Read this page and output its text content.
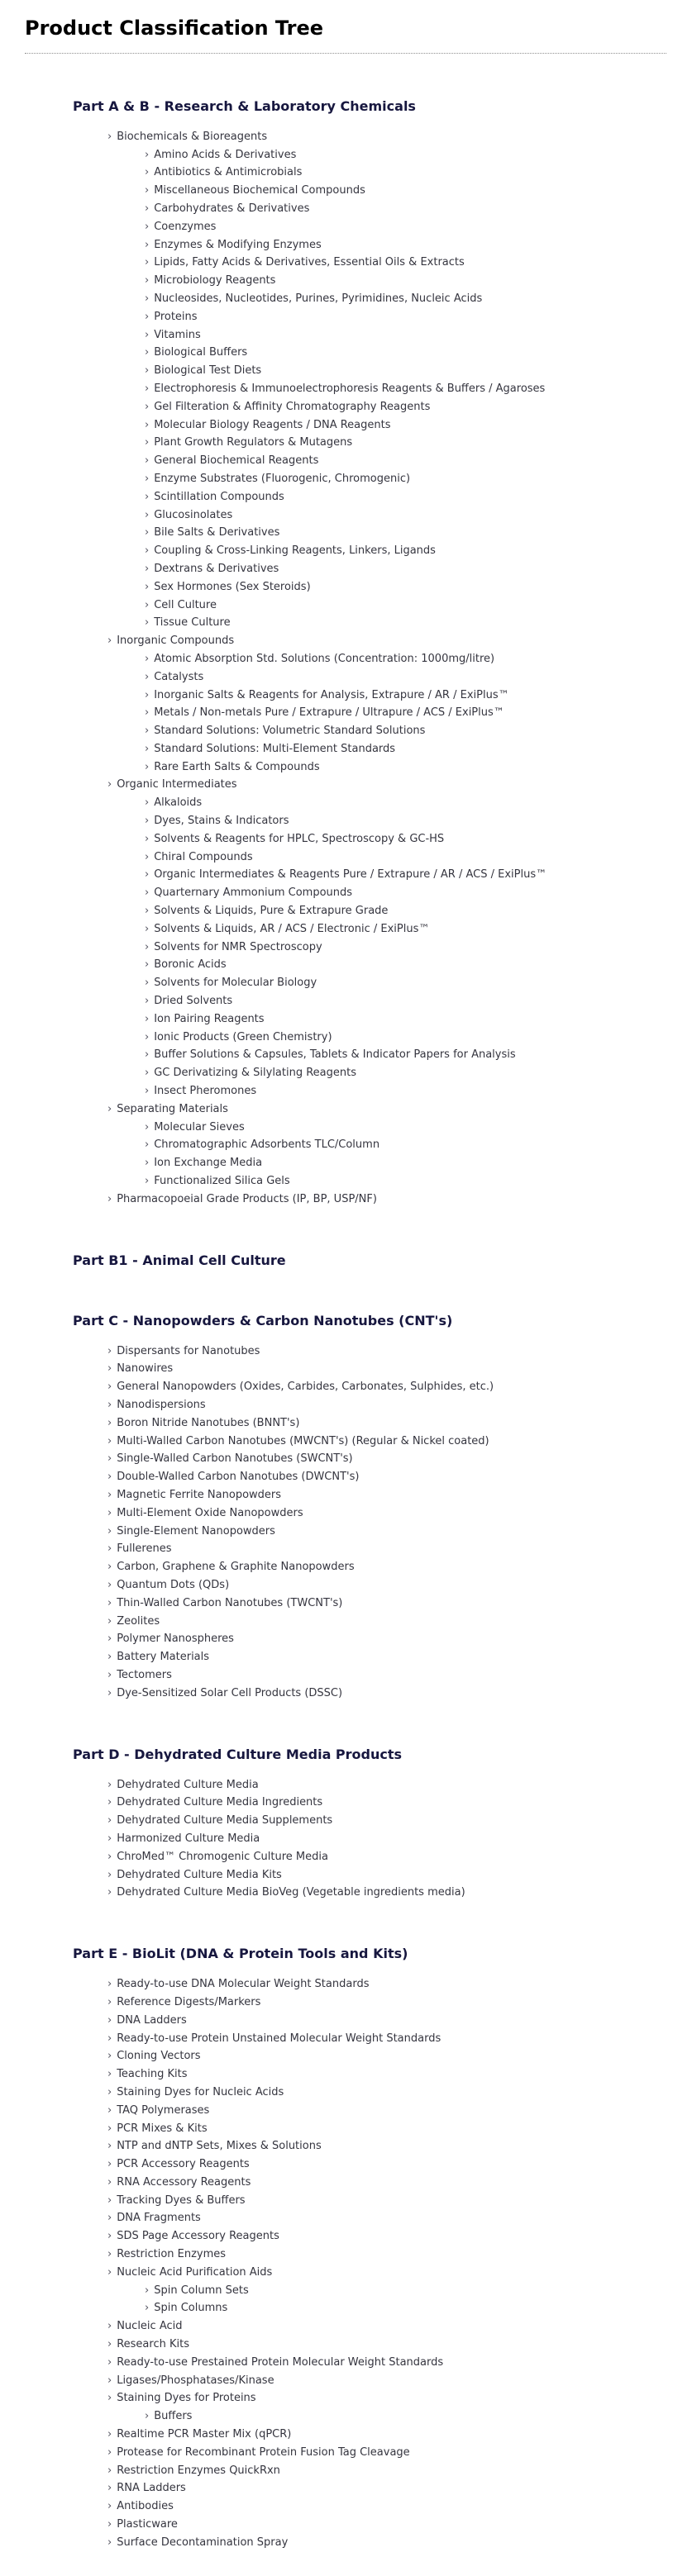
Product Classification Tree
Part A & B - Research & Laboratory Chemicals
› Biochemicals & Bioreagents
› Amino Acids & Derivatives
› Antibiotics & Antimicrobials
› Miscellaneous Biochemical Compounds
› Carbohydrates & Derivatives
› Coenzymes
› Enzymes & Modifying Enzymes
› Lipids, Fatty Acids & Derivatives, Essential Oils & Extracts
› Microbiology Reagents
› Nucleosides, Nucleotides, Purines, Pyrimidines, Nucleic Acids
› Proteins
› Vitamins
› Biological Buffers
› Biological Test Diets
› Electrophoresis & Immunoelectrophoresis Reagents & Buffers / Agaroses
› Gel Filteration & Affinity Chromatography Reagents
› Molecular Biology Reagents / DNA Reagents
› Plant Growth Regulators & Mutagens
› General Biochemical Reagents
› Enzyme Substrates (Fluorogenic, Chromogenic)
› Scintillation Compounds
› Glucosinolates
› Bile Salts & Derivatives
› Coupling & Cross-Linking Reagents, Linkers, Ligands
› Dextrans & Derivatives
› Sex Hormones (Sex Steroids)
› Cell Culture
› Tissue Culture
› Inorganic Compounds
› Atomic Absorption Std. Solutions (Concentration: 1000mg/litre)
› Catalysts
› Inorganic Salts & Reagents for Analysis, Extrapure / AR / ExiPlus™
› Metals / Non-metals Pure / Extrapure / Ultrapure / ACS / ExiPlus™
› Standard Solutions: Volumetric Standard Solutions
› Standard Solutions: Multi-Element Standards
› Rare Earth Salts & Compounds
› Organic Intermediates
› Alkaloids
› Dyes, Stains & Indicators
› Solvents & Reagents for HPLC, Spectroscopy & GC-HS
› Chiral Compounds
› Organic Intermediates & Reagents Pure / Extrapure / AR / ACS / ExiPlus™
› Quarternary Ammonium Compounds
› Solvents & Liquids, Pure & Extrapure Grade
› Solvents & Liquids, AR / ACS / Electronic / ExiPlus™
› Solvents for NMR Spectroscopy
› Boronic Acids
› Solvents for Molecular Biology
› Dried Solvents
› Ion Pairing Reagents
› Ionic Products (Green Chemistry)
› Buffer Solutions & Capsules, Tablets & Indicator Papers for Analysis
› GC Derivatizing & Silylating Reagents
› Insect Pheromones
› Separating Materials
› Molecular Sieves
› Chromatographic Adsorbents TLC/Column
› Ion Exchange Media
› Functionalized Silica Gels
› Pharmacopoeial Grade Products (IP, BP, USP/NF)
Part B1 - Animal Cell Culture
Part C - Nanopowders & Carbon Nanotubes (CNT's)
› Dispersants for Nanotubes
› Nanowires
› General Nanopowders (Oxides, Carbides, Carbonates, Sulphides, etc.)
› Nanodispersions
› Boron Nitride Nanotubes (BNNT's)
› Multi-Walled Carbon Nanotubes (MWCNT's) (Regular & Nickel coated)
› Single-Walled Carbon Nanotubes (SWCNT's)
› Double-Walled Carbon Nanotubes (DWCNT's)
› Magnetic Ferrite Nanopowders
› Multi-Element Oxide Nanopowders
› Single-Element Nanopowders
› Fullerenes
› Carbon, Graphene & Graphite Nanopowders
› Quantum Dots (QDs)
› Thin-Walled Carbon Nanotubes (TWCNT's)
› Zeolites
› Polymer Nanospheres
› Battery Materials
› Tectomers
› Dye-Sensitized Solar Cell Products (DSSC)
Part D - Dehydrated Culture Media Products
› Dehydrated Culture Media
› Dehydrated Culture Media Ingredients
› Dehydrated Culture Media Supplements
› Harmonized Culture Media
› ChroMed™ Chromogenic Culture Media
› Dehydrated Culture Media Kits
› Dehydrated Culture Media BioVeg (Vegetable ingredients media)
Part E - BioLit (DNA & Protein Tools and Kits)
› Ready-to-use DNA Molecular Weight Standards
› Reference Digests/Markers
› DNA Ladders
› Ready-to-use Protein Unstained Molecular Weight Standards
› Cloning Vectors
› Teaching Kits
› Staining Dyes for Nucleic Acids
› TAQ Polymerases
› PCR Mixes & Kits
› NTP and dNTP Sets, Mixes & Solutions
› PCR Accessory Reagents
› RNA Accessory Reagents
› Tracking Dyes & Buffers
› DNA Fragments
› SDS Page Accessory Reagents
› Restriction Enzymes
› Nucleic Acid Purification Aids
› Spin Column Sets
› Spin Columns
› Nucleic Acid
› Research Kits
› Ready-to-use Prestained Protein Molecular Weight Standards
› Ligases/Phosphatases/Kinase
› Staining Dyes for Proteins
› Buffers
› Realtime PCR Master Mix (qPCR)
› Protease for Recombinant Protein Fusion Tag Cleavage
› Restriction Enzymes QuickRxn
› RNA Ladders
› Antibodies
› Plasticware
› Surface Decontamination Spray
